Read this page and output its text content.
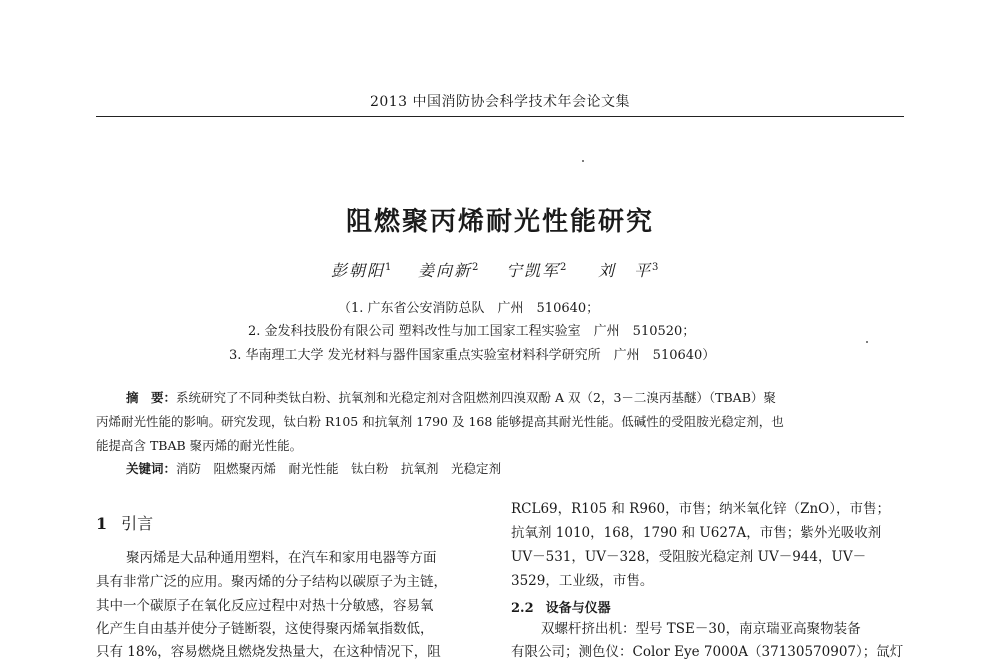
2013 中国消防协会科学技术年会论文集
阻燃聚丙烯耐光性能研究
彭朝阳$^1$ 姜向新$^2$ 宁凯军$^2$ 刘　平$^3$
（1. 广东省公安消防总队　广州　510640；
2. 金发科技股份有限公司 塑料改性与加工国家工程实验室　广州　510520；
3. 华南理工大学 发光材料与器件国家重点实验室材料科学研究所　广州　510640）
摘　要：系统研究了不同种类钛白粉、抗氧剂和光稳定剂对含阻燃剂四溴双酚 A 双（2，3－二溴丙基醚）（TBAB）聚
丙烯耐光性能的影响。研究发现，钛白粉 R105 和抗氧剂 1790 及 168 能够提高其耐光性能。低碱性的受阻胺光稳定剂，也
能提高含 TBAB 聚丙烯的耐光性能。
关键词：消防　阻燃聚丙烯　耐光性能　钛白粉　抗氧剂　光稳定剂
1 引言
聚丙烯是大品种通用塑料，在汽车和家用电器等方面
具有非常广泛的应用。聚丙烯的分子结构以碳原子为主链，
其中一个碳原子在氧化反应过程中对热十分敏感，容易氧
化产生自由基并使分子链断裂，这使得聚丙烯氧指数低，
只有 18%，容易燃烧且燃烧发热量大，在这种情况下，阻
RCL69，R105 和 R960，市售；纳米氧化锌（ZnO），市售；
抗氧剂 1010，168，1790 和 U627A，市售；紫外光吸收剂
UV－531，UV－328，受阻胺光稳定剂 UV－944，UV－
3529，工业级，市售。
2.2 设备与仪器
双螺杆挤出机：型号 TSE－30，南京瑞亚高聚物装备
有限公司；测色仪：Color Eye 7000A（37130570907）；氙灯
